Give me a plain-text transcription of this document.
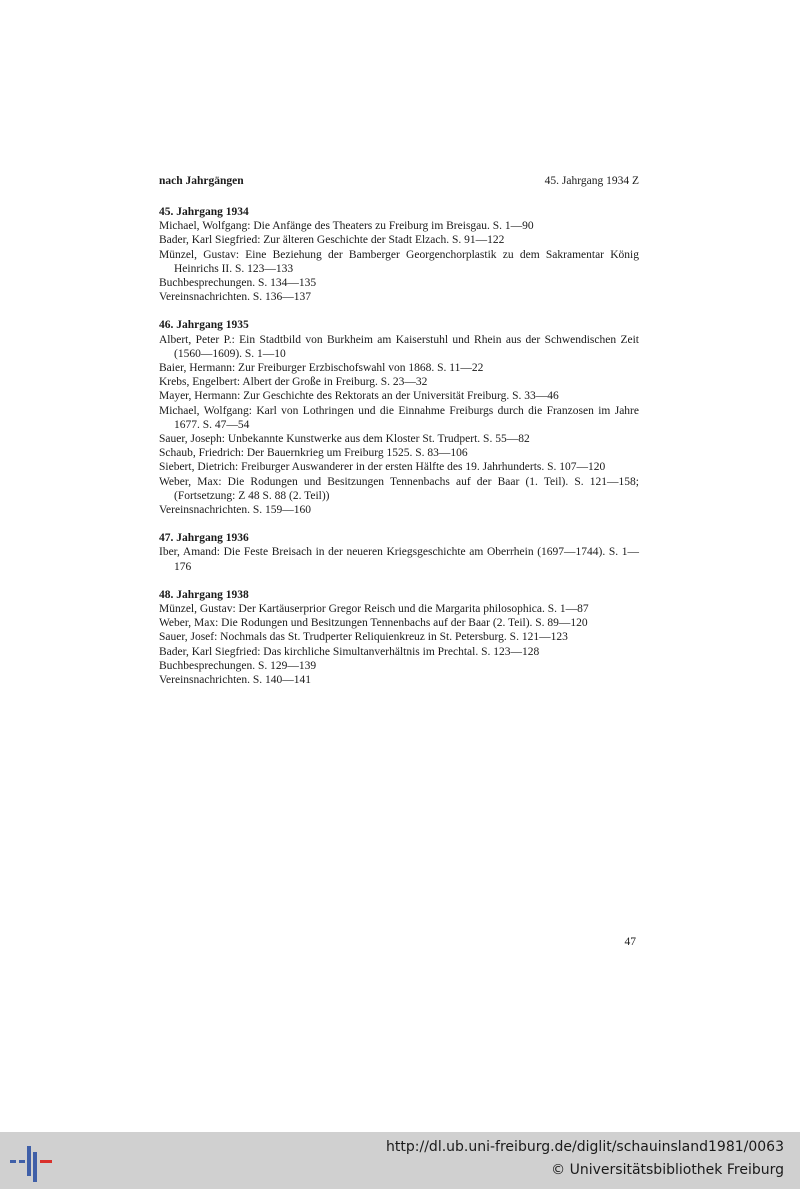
nach Jahrgängen	45. Jahrgang 1934 Z
45. Jahrgang 1934
Michael, Wolfgang: Die Anfänge des Theaters zu Freiburg im Breisgau. S. 1—90
Bader, Karl Siegfried: Zur älteren Geschichte der Stadt Elzach. S. 91—122
Münzel, Gustav: Eine Beziehung der Bamberger Georgenchorplastik zu dem Sakramentar König Heinrichs II. S. 123—133
Buchbesprechungen. S. 134—135
Vereinsnachrichten. S. 136—137
46. Jahrgang 1935
Albert, Peter P.: Ein Stadtbild von Burkheim am Kaiserstuhl und Rhein aus der Schwendischen Zeit (1560—1609). S. 1—10
Baier, Hermann: Zur Freiburger Erzbischofswahl von 1868. S. 11—22
Krebs, Engelbert: Albert der Große in Freiburg. S. 23—32
Mayer, Hermann: Zur Geschichte des Rektorats an der Universität Freiburg. S. 33—46
Michael, Wolfgang: Karl von Lothringen und die Einnahme Freiburgs durch die Franzosen im Jahre 1677. S. 47—54
Sauer, Joseph: Unbekannte Kunstwerke aus dem Kloster St. Trudpert. S. 55—82
Schaub, Friedrich: Der Bauernkrieg um Freiburg 1525. S. 83—106
Siebert, Dietrich: Freiburger Auswanderer in der ersten Hälfte des 19. Jahrhunderts. S. 107—120
Weber, Max: Die Rodungen und Besitzungen Tennenbachs auf der Baar (1. Teil). S. 121—158; (Fortsetzung: Z 48 S. 88 (2. Teil))
Vereinsnachrichten. S. 159—160
47. Jahrgang 1936
Iber, Amand: Die Feste Breisach in der neueren Kriegsgeschichte am Oberrhein (1697—1744). S. 1—176
48. Jahrgang 1938
Münzel, Gustav: Der Kartäuserprior Gregor Reisch und die Margarita philosophica. S. 1—87
Weber, Max: Die Rodungen und Besitzungen Tennenbachs auf der Baar (2. Teil). S. 89—120
Sauer, Josef: Nochmals das St. Trudperter Reliquienkreuz in St. Petersburg. S. 121—123
Bader, Karl Siegfried: Das kirchliche Simultanverhältnis im Prechtal. S. 123—128
Buchbesprechungen. S. 129—139
Vereinsnachrichten. S. 140—141
47
http://dl.ub.uni-freiburg.de/diglit/schauinsland1981/0063
© Universitätsbibliothek Freiburg
